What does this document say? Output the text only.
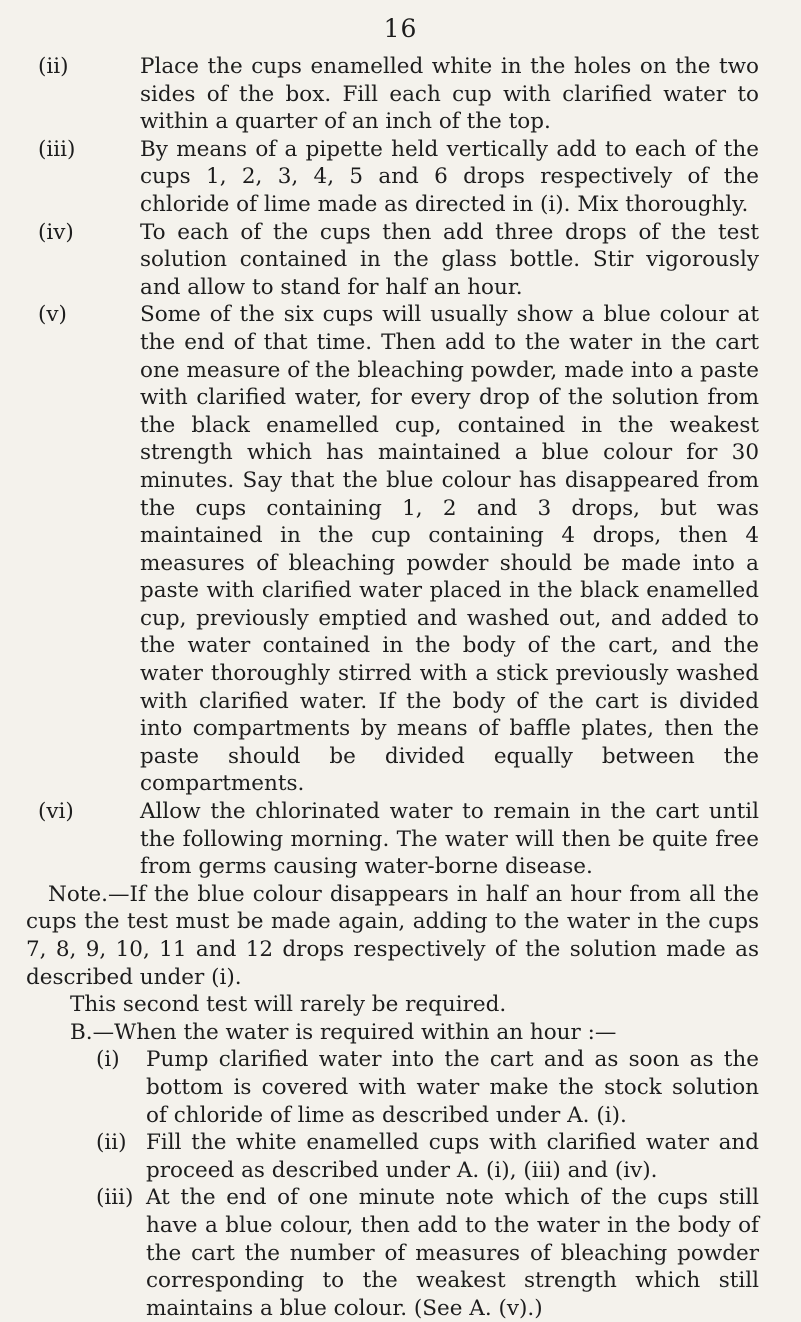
16

(ii)	Place the cups enamelled white in the holes on the two sides of the box. Fill each cup with clarified water to within a quarter of an inch of the top.

(iii)	By means of a pipette held vertically add to each of the cups 1, 2, 3, 4, 5 and 6 drops respectively of the chloride of lime made as directed in (i). Mix thoroughly.

(iv)	To each of the cups then add three drops of the test solution contained in the glass bottle. Stir vigorously and allow to stand for half an hour.

(v)	Some of the six cups will usually show a blue colour at the end of that time. Then add to the water in the cart one measure of the bleaching powder, made into a paste with clarified water, for every drop of the solution from the black enamelled cup, contained in the weakest strength which has maintained a blue colour for 30 minutes. Say that the blue colour has disappeared from the cups containing 1, 2 and 3 drops, but was maintained in the cup containing 4 drops, then 4 measures of bleaching powder should be made into a paste with clarified water placed in the black enamelled cup, previously emptied and washed out, and added to the water contained in the body of the cart, and the water thoroughly stirred with a stick previously washed with clarified water. If the body of the cart is divided into compartments by means of baffle plates, then the paste should be divided equally between the compartments.

(vi)	Allow the chlorinated water to remain in the cart until the following morning. The water will then be quite free from germs causing water-borne disease.

Note.—If the blue colour disappears in half an hour from all the cups the test must be made again, adding to the water in the cups 7, 8, 9, 10, 11 and 12 drops respectively of the solution made as described under (i).

This second test will rarely be required.

B.—When the water is required within an hour :—

(i)	Pump clarified water into the cart and as soon as the bottom is covered with water make the stock solution of chloride of lime as described under A. (i).

(ii) Fill the white enamelled cups with clarified water and proceed as described under A. (i), (iii) and (iv).

(iii) At the end of one minute note which of the cups still have a blue colour, then add to the water in the body of the cart the number of measures of bleaching powder corresponding to the weakest strength which still maintains a blue colour. (See A. (v).)
